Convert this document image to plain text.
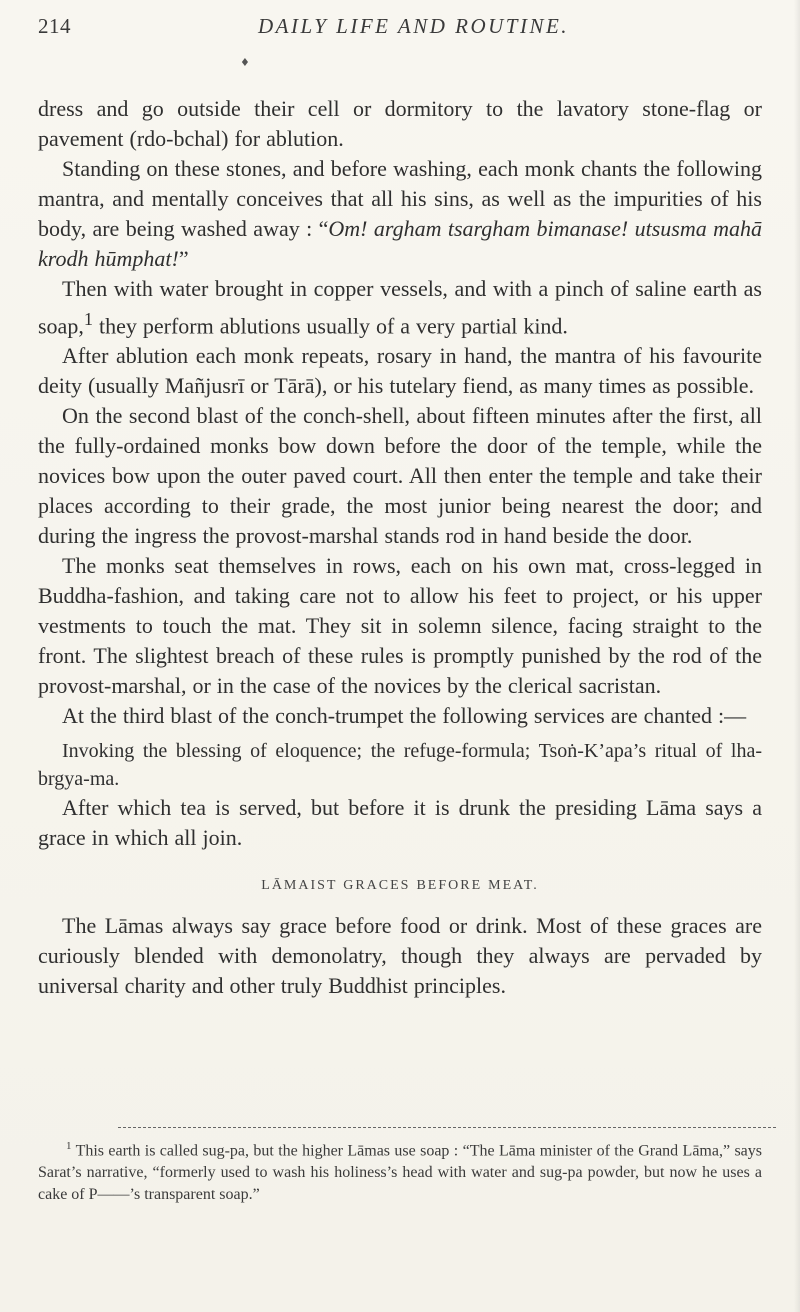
214	DAILY LIFE AND ROUTINE.
♦

dress and go outside their cell or dormitory to the lavatory stone-flag or pavement (rdo-bchal) for ablution.

Standing on these stones, and before washing, each monk chants the following mantra, and mentally conceives that all his sins, as well as the impurities of his body, are being washed away : “Om! argham tsargham bimanase! utsusma mahā krodh hūmphat!”

Then with water brought in copper vessels, and with a pinch of saline earth as soap,$^1$ they perform ablutions usually of a very partial kind.

After ablution each monk repeats, rosary in hand, the mantra of his favourite deity (usually Mañjusrī or Tārā), or his tutelary fiend, as many times as possible.

On the second blast of the conch-shell, about fifteen minutes after the first, all the fully-ordained monks bow down before the door of the temple, while the novices bow upon the outer paved court. All then enter the temple and take their places according to their grade, the most junior being nearest the door; and during the ingress the provost-marshal stands rod in hand beside the door.

The monks seat themselves in rows, each on his own mat, cross-legged in Buddha-fashion, and taking care not to allow his feet to project, or his upper vestments to touch the mat. They sit in solemn silence, facing straight to the front. The slightest breach of these rules is promptly punished by the rod of the provost-marshal, or in the case of the novices by the clerical sacristan.

At the third blast of the conch-trumpet the following services are chanted :—

Invoking the blessing of eloquence; the refuge-formula; Tsoṅ-K’apa’s ritual of lha-brgya-ma.

After which tea is served, but before it is drunk the presiding Lāma says a grace in which all join.

LĀMAIST GRACES BEFORE MEAT.

The Lāmas always say grace before food or drink. Most of these graces are curiously blended with demonolatry, though they always are pervaded by universal charity and other truly Buddhist principles.

$^1$ This earth is called sug-pa, but the higher Lāmas use soap : “The Lāma minister of the Grand Lāma,” says Sarat’s narrative, “formerly used to wash his holiness’s head with water and sug-pa powder, but now he uses a cake of P——’s transparent soap.”
